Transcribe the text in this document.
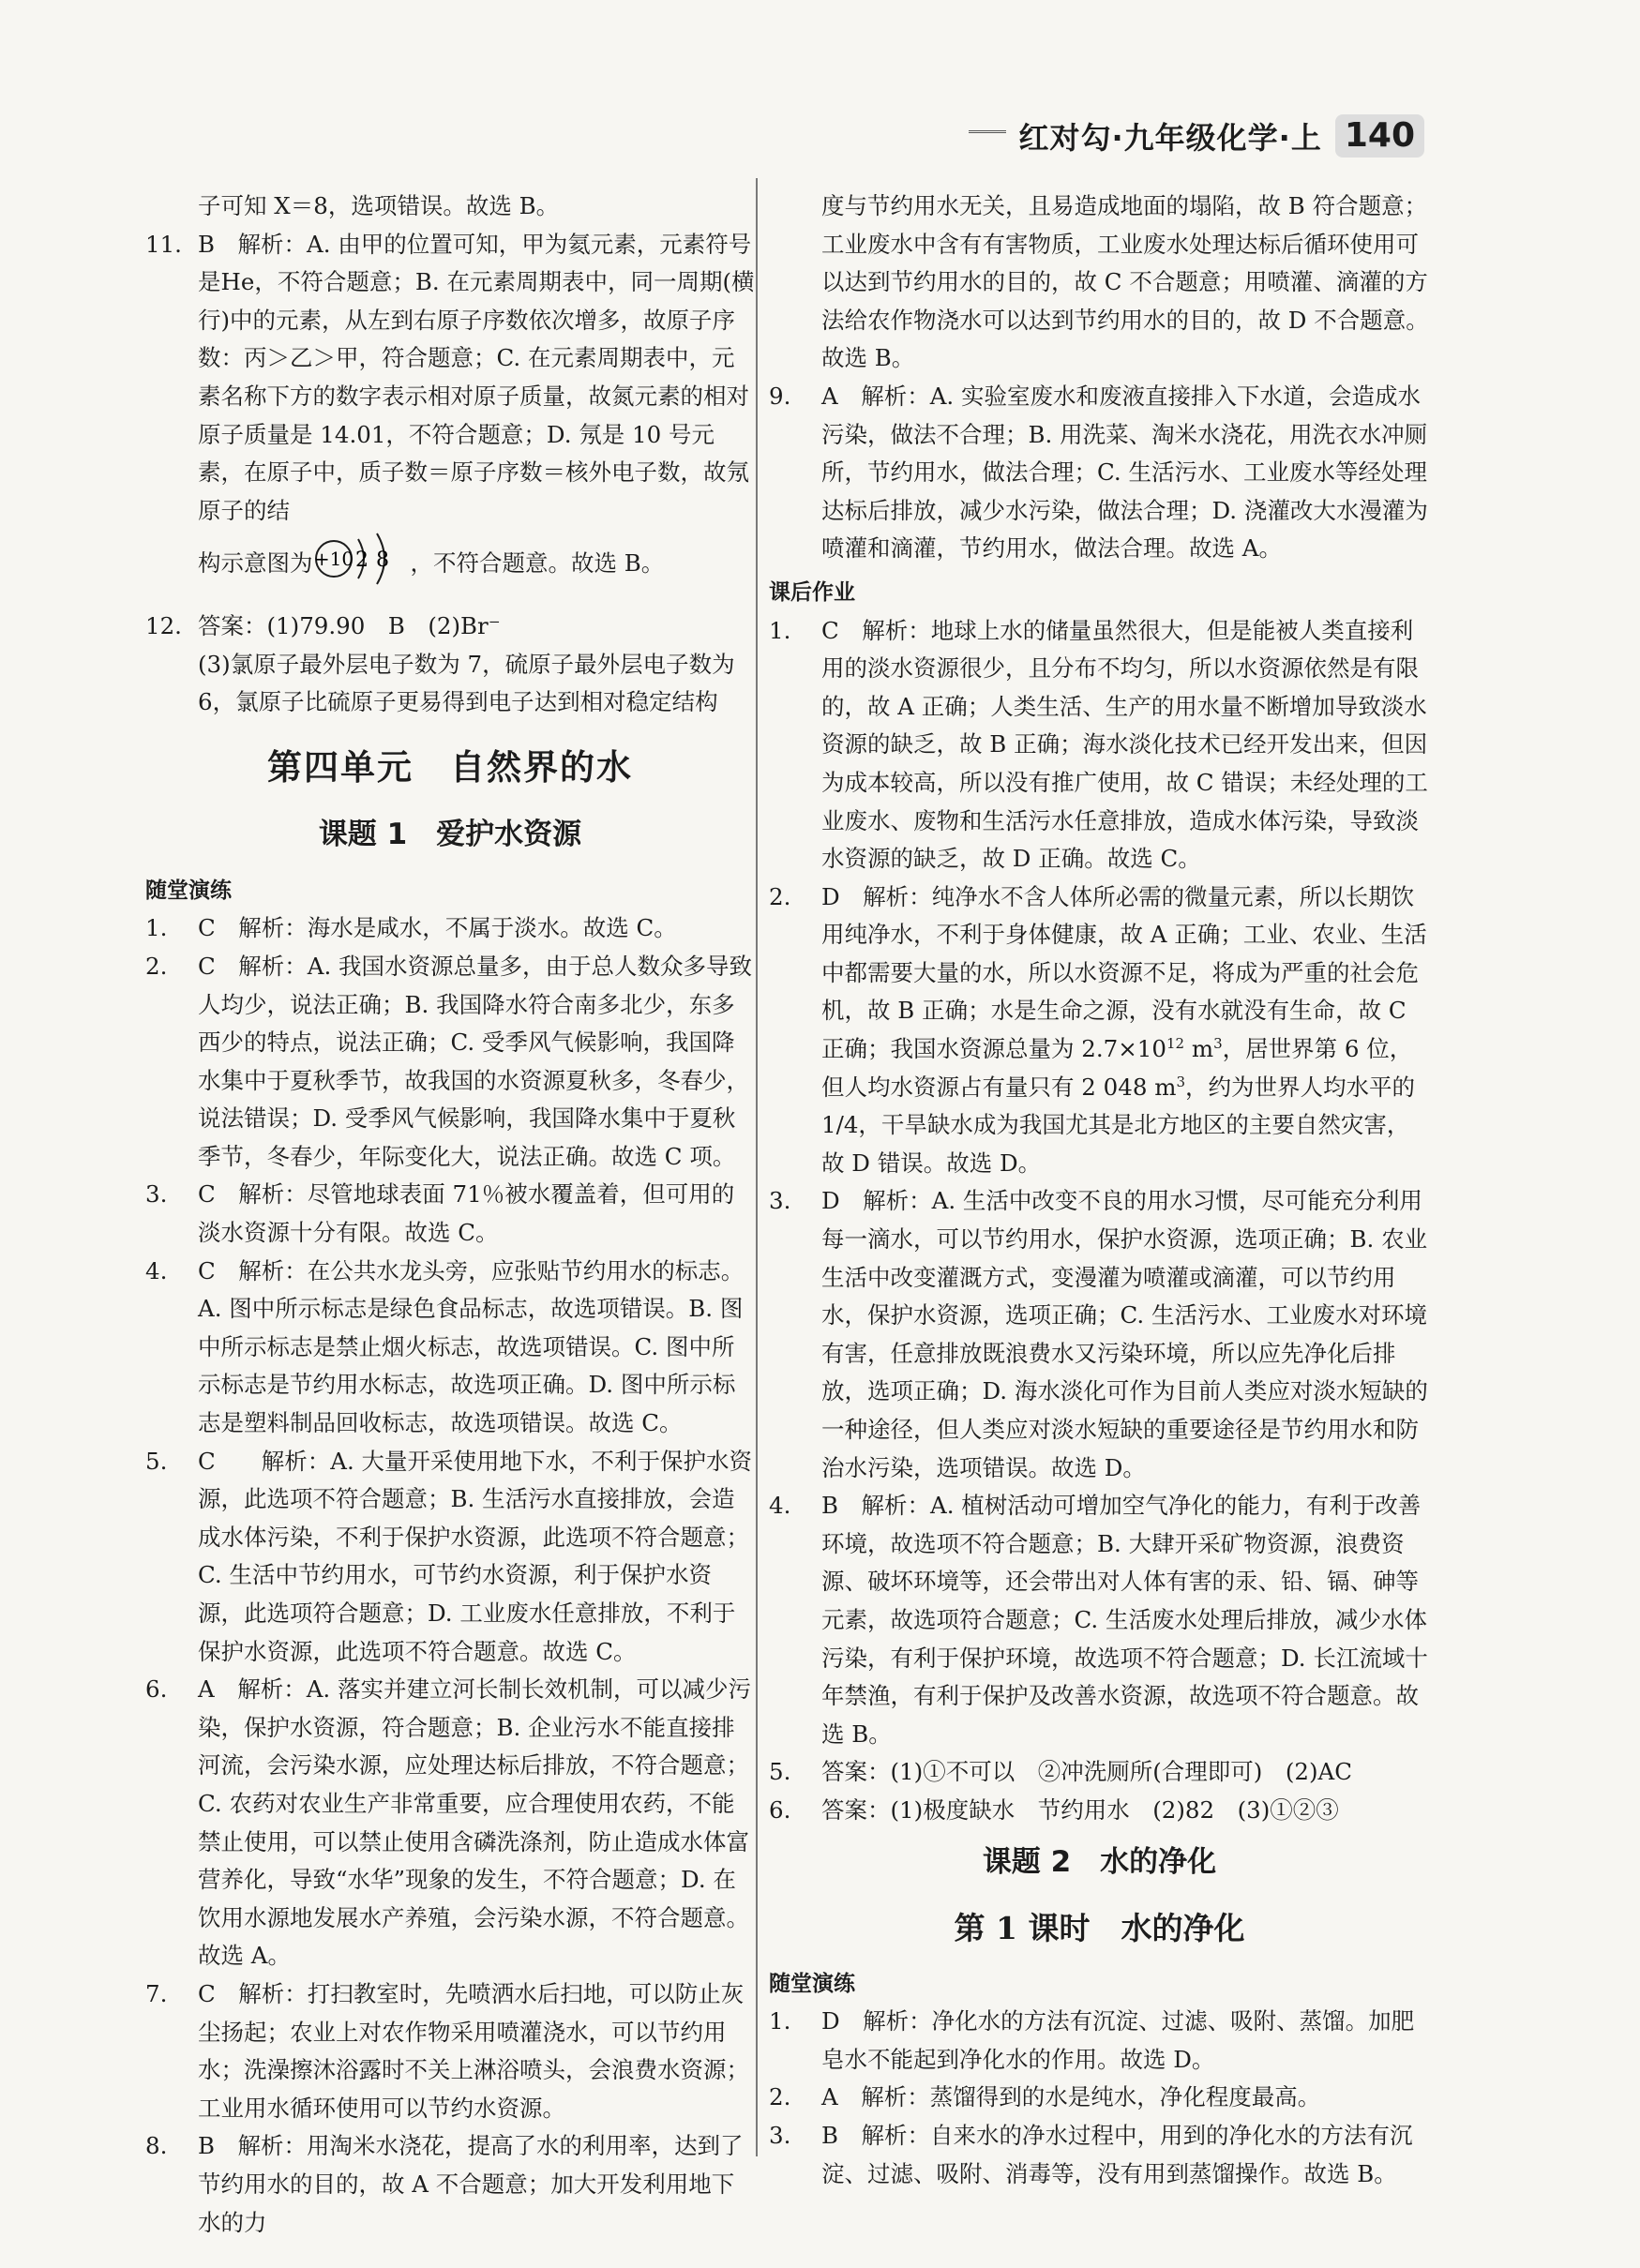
红对勾·九年级化学·上 140
子可知 X＝8，选项错误。故选 B。
11. B　解析：A. 由甲的位置可知，甲为氦元素，元素符号是He，不符合题意；B. 在元素周期表中，同一周期(横行)中的元素，从左到右原子序数依次增多，故原子序数：丙＞乙＞甲，符合题意；C. 在元素周期表中，元素名称下方的数字表示相对原子质量，故氮元素的相对原子质量是 14.01，不符合题意；D. 氖是 10 号元素，在原子中，质子数＝原子序数＝核外电子数，故氖原子的结
构示意图为 +10 2 8 ，不符合题意。故选 B。
12. 答案：(1)79.90　B　(2)Br⁻
(3)氯原子最外层电子数为 7，硫原子最外层电子数为 6，氯原子比硫原子更易得到电子达到相对稳定结构
第四单元　自然界的水
课题 1　爱护水资源
随堂演练
1. C　解析：海水是咸水，不属于淡水。故选 C。
2. C　解析：A. 我国水资源总量多，由于总人数众多导致人均少，说法正确；B. 我国降水符合南多北少，东多西少的特点，说法正确；C. 受季风气候影响，我国降水集中于夏秋季节，故我国的水资源夏秋多，冬春少，说法错误；D. 受季风气候影响，我国降水集中于夏秋季节，冬春少，年际变化大，说法正确。故选 C 项。
3. C　解析：尽管地球表面 71％被水覆盖着，但可用的淡水资源十分有限。故选 C。
4. C　解析：在公共水龙头旁，应张贴节约用水的标志。A. 图中所示标志是绿色食品标志，故选项错误。B. 图中所示标志是禁止烟火标志，故选项错误。C. 图中所示标志是节约用水标志，故选项正确。D. 图中所示标志是塑料制品回收标志，故选项错误。故选 C。
5. C　　解析：A. 大量开采使用地下水，不利于保护水资源，此选项不符合题意；B. 生活污水直接排放，会造成水体污染，不利于保护水资源，此选项不符合题意；C. 生活中节约用水，可节约水资源，利于保护水资源，此选项符合题意；D. 工业废水任意排放，不利于保护水资源，此选项不符合题意。故选 C。
6. A　解析：A. 落实并建立河长制长效机制，可以减少污染，保护水资源，符合题意；B. 企业污水不能直接排河流，会污染水源，应处理达标后排放，不符合题意；C. 农药对农业生产非常重要，应合理使用农药，不能禁止使用，可以禁止使用含磷洗涤剂，防止造成水体富营养化，导致“水华”现象的发生，不符合题意；D. 在饮用水源地发展水产养殖，会污染水源，不符合题意。故选 A。
7. C　解析：打扫教室时，先喷洒水后扫地，可以防止灰尘扬起；农业上对农作物采用喷灌浇水，可以节约用水；洗澡擦沐浴露时不关上淋浴喷头，会浪费水资源；工业用水循环使用可以节约水资源。
8. B　解析：用淘米水浇花，提高了水的利用率，达到了节约用水的目的，故 A 不合题意；加大开发利用地下水的力
度与节约用水无关，且易造成地面的塌陷，故 B 符合题意；工业废水中含有有害物质，工业废水处理达标后循环使用可以达到节约用水的目的，故 C 不合题意；用喷灌、滴灌的方法给农作物浇水可以达到节约用水的目的，故 D 不合题意。故选 B。
9. A　解析：A. 实验室废水和废液直接排入下水道，会造成水污染，做法不合理；B. 用洗菜、淘米水浇花，用洗衣水冲厕所，节约用水，做法合理；C. 生活污水、工业废水等经处理达标后排放，减少水污染，做法合理；D. 浇灌改大水漫灌为喷灌和滴灌，节约用水，做法合理。故选 A。
课后作业
1. C　解析：地球上水的储量虽然很大，但是能被人类直接利用的淡水资源很少，且分布不均匀，所以水资源依然是有限的，故 A 正确；人类生活、生产的用水量不断增加导致淡水资源的缺乏，故 B 正确；海水淡化技术已经开发出来，但因为成本较高，所以没有推广使用，故 C 错误；未经处理的工业废水、废物和生活污水任意排放，造成水体污染，导致淡水资源的缺乏，故 D 正确。故选 C。
2. D　解析：纯净水不含人体所必需的微量元素，所以长期饮用纯净水，不利于身体健康，故 A 正确；工业、农业、生活中都需要大量的水，所以水资源不足，将成为严重的社会危机，故 B 正确；水是生命之源，没有水就没有生命，故 C 正确；我国水资源总量为 $2.7\times 10^{12}$ $m^3$，居世界第 6 位，但人均水资源占有量只有 2 048 $m^3$，约为世界人均水平的 1/4，干旱缺水成为我国尤其是北方地区的主要自然灾害，故 D 错误。故选 D。
3. D　解析：A. 生活中改变不良的用水习惯，尽可能充分利用每一滴水，可以节约用水，保护水资源，选项正确；B. 农业生活中改变灌溉方式，变漫灌为喷灌或滴灌，可以节约用水，保护水资源，选项正确；C. 生活污水、工业废水对环境有害，任意排放既浪费水又污染环境，所以应先净化后排放，选项正确；D. 海水淡化可作为目前人类应对淡水短缺的一种途径，但人类应对淡水短缺的重要途径是节约用水和防治水污染，选项错误。故选 D。
4. B　解析：A. 植树活动可增加空气净化的能力，有利于改善环境，故选项不符合题意；B. 大肆开采矿物资源，浪费资源、破坏环境等，还会带出对人体有害的汞、铅、镉、砷等元素，故选项符合题意；C. 生活废水处理后排放，减少水体污染，有利于保护环境，故选项不符合题意；D. 长江流域十年禁渔，有利于保护及改善水资源，故选项不符合题意。故选 B。
5. 答案：(1)①不可以　②冲洗厕所(合理即可)　(2)AC
6. 答案：(1)极度缺水　节约用水　(2)82　(3)①②③
课题 2　水的净化
第 1 课时　水的净化
随堂演练
1. D　解析：净化水的方法有沉淀、过滤、吸附、蒸馏。加肥皂水不能起到净化水的作用。故选 D。
2. A　解析：蒸馏得到的水是纯水，净化程度最高。
3. B　解析：自来水的净水过程中，用到的净化水的方法有沉淀、过滤、吸附、消毒等，没有用到蒸馏操作。故选 B。
